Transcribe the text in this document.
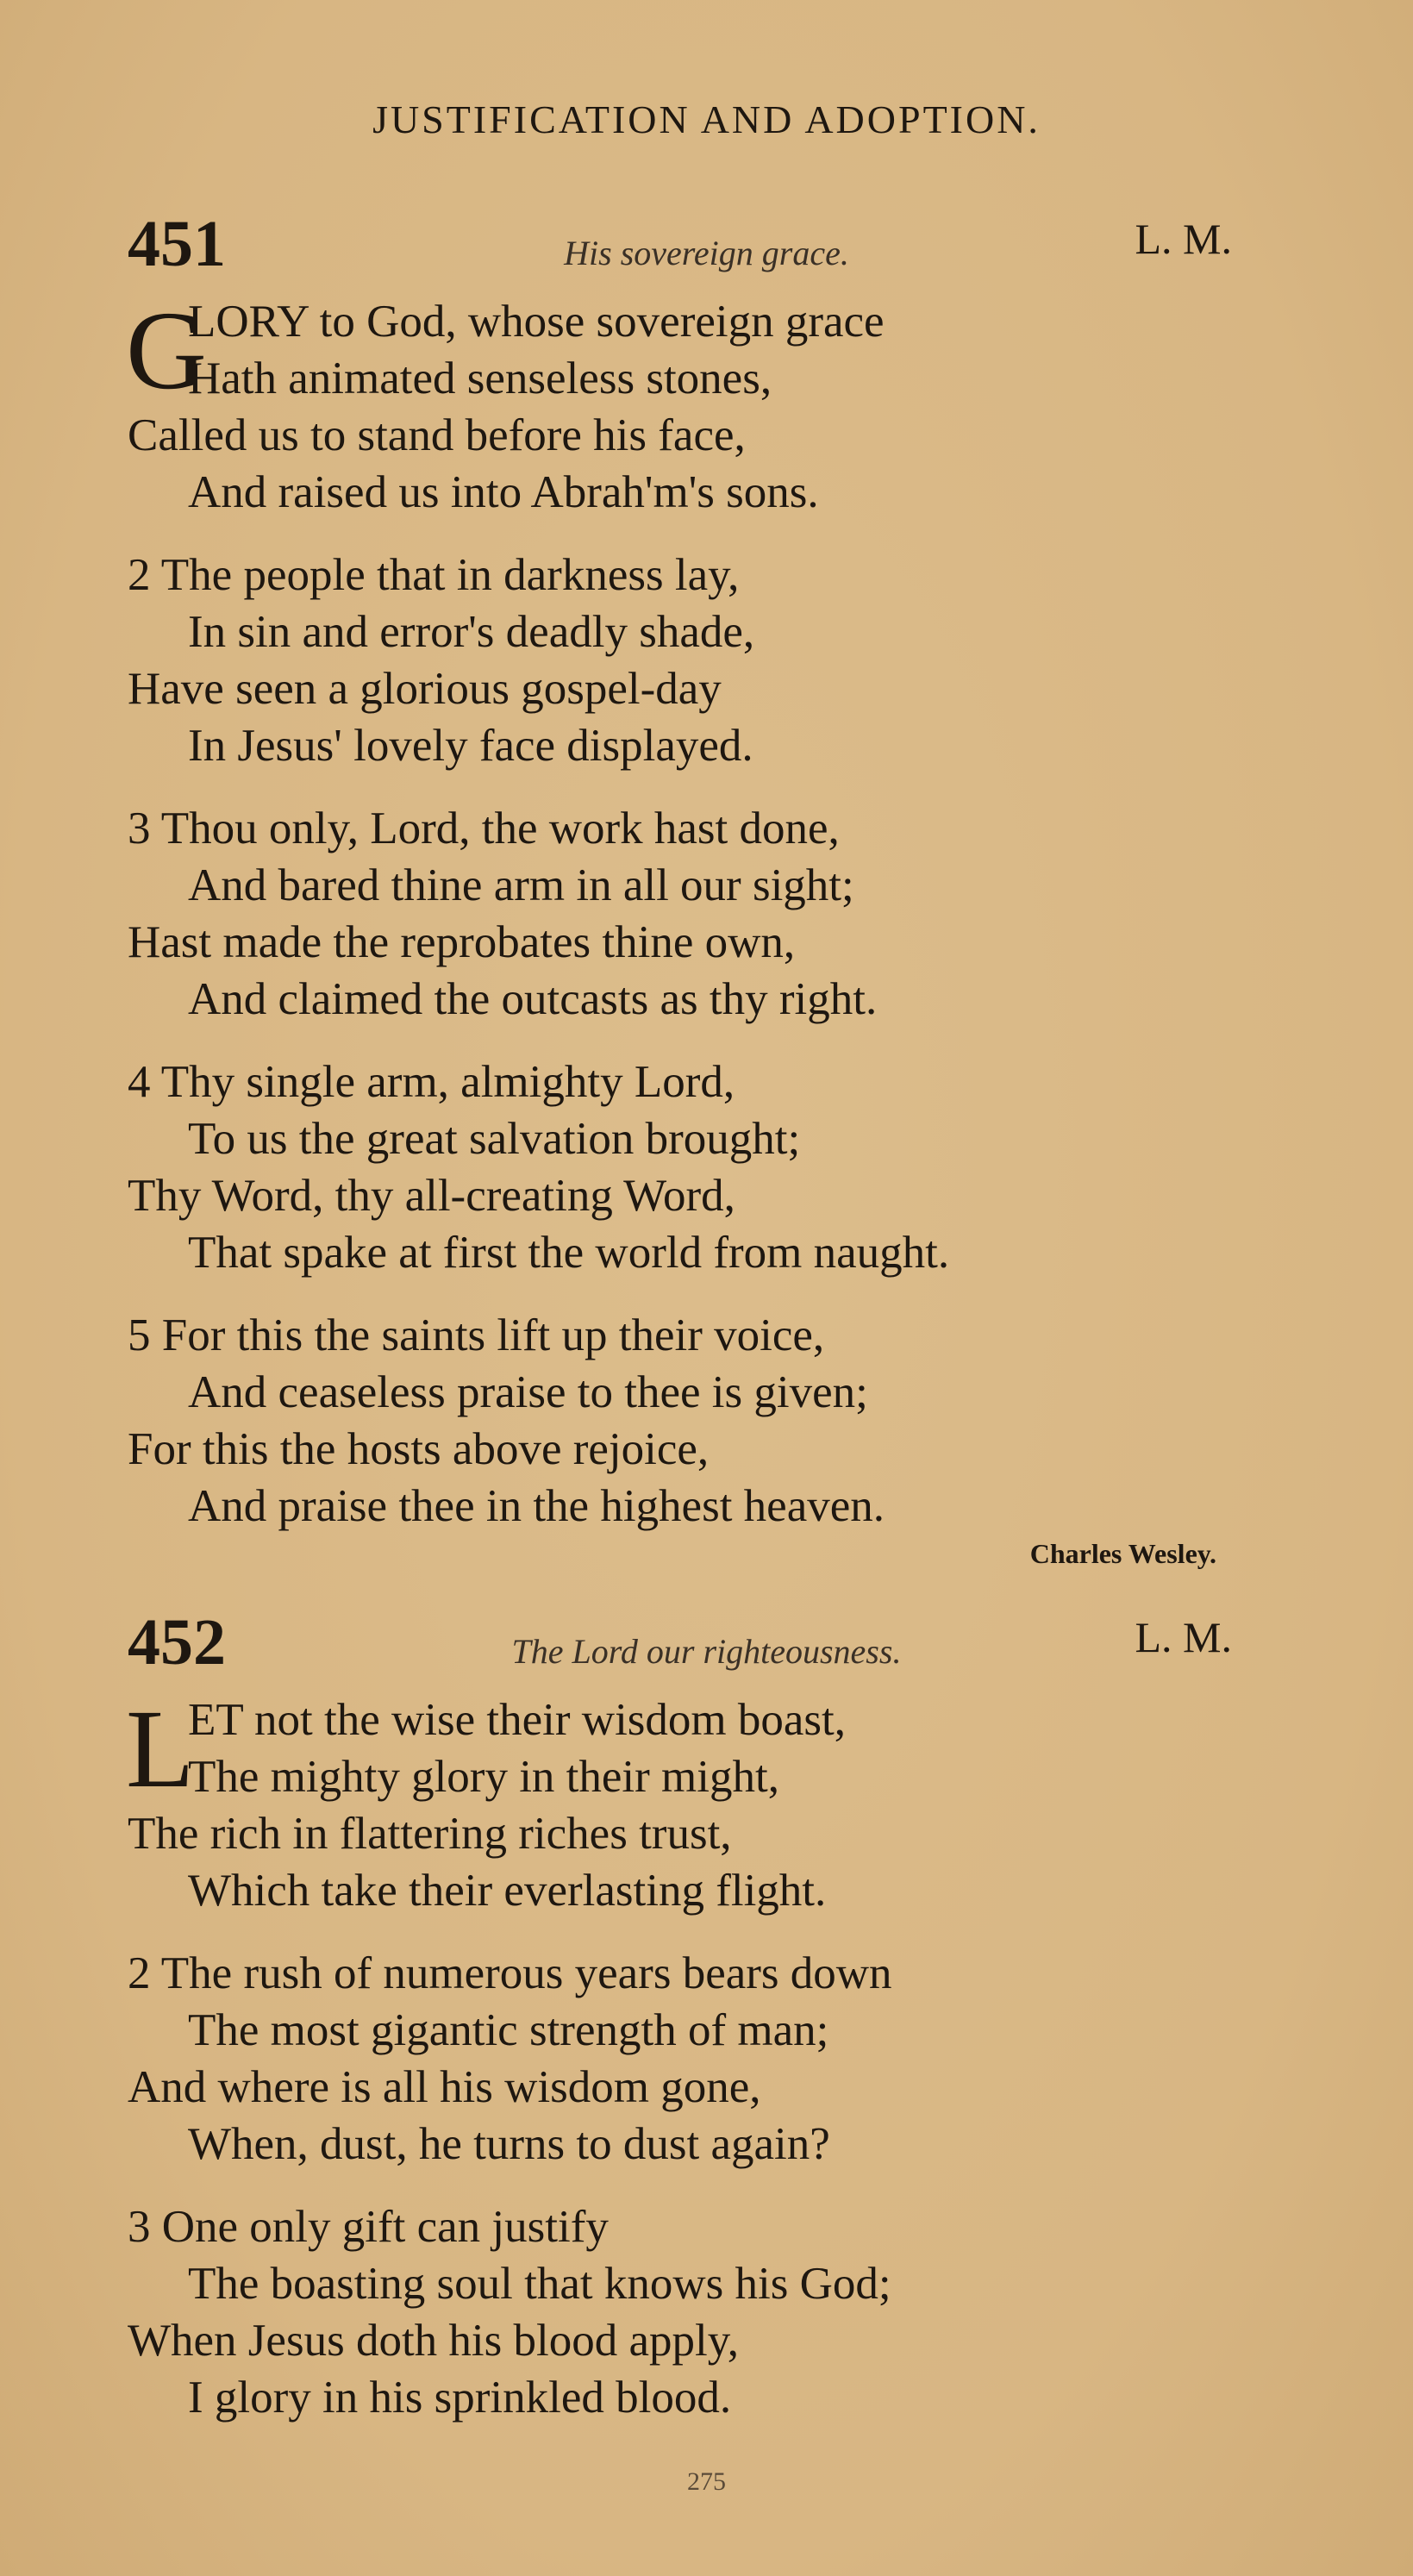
JUSTIFICATION AND ADOPTION.
451	His sovereign grace.	L. M.
G
LORY to God, whose sovereign grace
Hath animated senseless stones,
Called us to stand before his face,
And raised us into Abrah'm's sons.
2 The people that in darkness lay,
In sin and error's deadly shade,
Have seen a glorious gospel-day
In Jesus' lovely face displayed.
3 Thou only, Lord, the work hast done,
And bared thine arm in all our sight;
Hast made the reprobates thine own,
And claimed the outcasts as thy right.
4 Thy single arm, almighty Lord,
To us the great salvation brought;
Thy Word, thy all-creating Word,
That spake at first the world from naught.
5 For this the saints lift up their voice,
And ceaseless praise to thee is given;
For this the hosts above rejoice,
And praise thee in the highest heaven.
Charles Wesley.
452	The Lord our righteousness.	L. M.
L
ET not the wise their wisdom boast,
The mighty glory in their might,
The rich in flattering riches trust,
Which take their everlasting flight.
2 The rush of numerous years bears down
The most gigantic strength of man;
And where is all his wisdom gone,
When, dust, he turns to dust again?
3 One only gift can justify
The boasting soul that knows his God;
When Jesus doth his blood apply,
I glory in his sprinkled blood.
275
